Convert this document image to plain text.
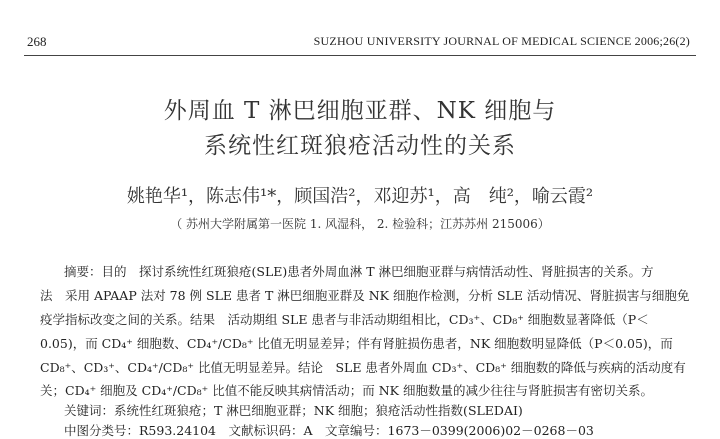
268	SUZHOU UNIVERSITY JOURNAL OF MEDICAL SCIENCE 2006;26(2)
外周血 T 淋巴细胞亚群、NK 细胞与
系统性红斑狼疮活动性的关系
姚艳华¹，陈志伟¹*，顾国浩²，邓迎苏¹，高　纯²，喻云霞²
（ 苏州大学附属第一医院 1. 风湿科， 2. 检验科；江苏苏州 215006）
摘要：目的　探讨系统性红斑狼疮(SLE)患者外周血淋 T 淋巴细胞亚群与病情活动性、肾脏损害的关系。方
法　采用 APAAP 法对 78 例 SLE 患者 T 淋巴细胞亚群及 NK 细胞作检测，分析 SLE 活动情况、肾脏损害与细胞免
疫学指标改变之间的关系。结果　活动期组 SLE 患者与非活动期组相比，CD₃⁺、CD₈⁺ 细胞数显著降低（P＜
0.05)，而 CD₄⁺ 细胞数、CD₄⁺/CD₈⁺ 比值无明显差异；伴有肾脏损伤患者，NK 细胞数明显降低（P＜0.05)，而
CD₈⁺、CD₃⁺、CD₄⁺/CD₈⁺ 比值无明显差异。结论　SLE 患者外周血 CD₃⁺、CD₈⁺ 细胞数的降低与疾病的活动度有
关；CD₄⁺ 细胞及 CD₄⁺/CD₈⁺ 比值不能反映其病情活动；而 NK 细胞数量的减少往往与肾脏损害有密切关系。
关键词：系统性红斑狼疮；T 淋巴细胞亚群；NK 细胞；狼疮活动性指数(SLEDAI)
中图分类号：R593.24104　文献标识码：A　文章编号：1673－0399(2006)02－0268－03
